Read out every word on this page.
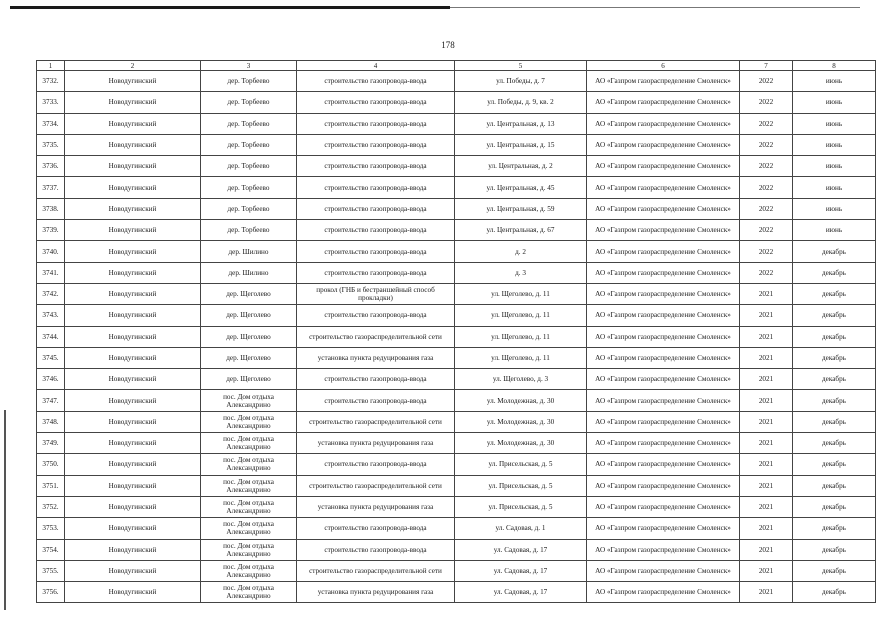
178
1	2	3	4	5	6	7	8
3732.	Новодугинский	дер. Торбеево	строительство газопровода-ввода	ул. Победы, д. 7	АО «Газпром газораспределение Смоленск»	2022	июнь
3733.	Новодугинский	дер. Торбеево	строительство газопровода-ввода	ул. Победы, д. 9, кв. 2	АО «Газпром газораспределение Смоленск»	2022	июнь
3734.	Новодугинский	дер. Торбеево	строительство газопровода-ввода	ул. Центральная, д. 13	АО «Газпром газораспределение Смоленск»	2022	июнь
3735.	Новодугинский	дер. Торбеево	строительство газопровода-ввода	ул. Центральная, д. 15	АО «Газпром газораспределение Смоленск»	2022	июнь
3736.	Новодугинский	дер. Торбеево	строительство газопровода-ввода	ул. Центральная, д. 2	АО «Газпром газораспределение Смоленск»	2022	июнь
3737.	Новодугинский	дер. Торбеево	строительство газопровода-ввода	ул. Центральная, д. 45	АО «Газпром газораспределение Смоленск»	2022	июнь
3738.	Новодугинский	дер. Торбеево	строительство газопровода-ввода	ул. Центральная, д. 59	АО «Газпром газораспределение Смоленск»	2022	июнь
3739.	Новодугинский	дер. Торбеево	строительство газопровода-ввода	ул. Центральная, д. 67	АО «Газпром газораспределение Смоленск»	2022	июнь
3740.	Новодугинский	дер. Шилино	строительство газопровода-ввода	д. 2	АО «Газпром газораспределение Смоленск»	2022	декабрь
3741.	Новодугинский	дер. Шилино	строительство газопровода-ввода	д. 3	АО «Газпром газораспределение Смоленск»	2022	декабрь
3742.	Новодугинский	дер. Щеголево	прокол (ГНБ и бестраншейный способ прокладки)	ул. Щеголево, д. 11	АО «Газпром газораспределение Смоленск»	2021	декабрь
3743.	Новодугинский	дер. Щеголево	строительство газопровода-ввода	ул. Щеголево, д. 11	АО «Газпром газораспределение Смоленск»	2021	декабрь
3744.	Новодугинский	дер. Щеголево	строительство газораспределительной сети	ул. Щеголево, д. 11	АО «Газпром газораспределение Смоленск»	2021	декабрь
3745.	Новодугинский	дер. Щеголево	установка пункта редуцирования газа	ул. Щеголево, д. 11	АО «Газпром газораспределение Смоленск»	2021	декабрь
3746.	Новодугинский	дер. Щеголево	строительство газопровода-ввода	ул. Щеголево, д. 3	АО «Газпром газораспределение Смоленск»	2021	декабрь
3747.	Новодугинский	пос. Дом отдыха Александрино	строительство газопровода-ввода	ул. Молодежная, д. 30	АО «Газпром газораспределение Смоленск»	2021	декабрь
3748.	Новодугинский	пос. Дом отдыха Александрино	строительство газораспределительной сети	ул. Молодежная, д. 30	АО «Газпром газораспределение Смоленск»	2021	декабрь
3749.	Новодугинский	пос. Дом отдыха Александрино	установка пункта редуцирования газа	ул. Молодежная, д. 30	АО «Газпром газораспределение Смоленск»	2021	декабрь
3750.	Новодугинский	пос. Дом отдыха Александрино	строительство газопровода-ввода	ул. Присельская, д. 5	АО «Газпром газораспределение Смоленск»	2021	декабрь
3751.	Новодугинский	пос. Дом отдыха Александрино	строительство газораспределительной сети	ул. Присельская, д. 5	АО «Газпром газораспределение Смоленск»	2021	декабрь
3752.	Новодугинский	пос. Дом отдыха Александрино	установка пункта редуцирования газа	ул. Присельская, д. 5	АО «Газпром газораспределение Смоленск»	2021	декабрь
3753.	Новодугинский	пос. Дом отдыха Александрино	строительство газопровода-ввода	ул. Садовая, д. 1	АО «Газпром газораспределение Смоленск»	2021	декабрь
3754.	Новодугинский	пос. Дом отдыха Александрино	строительство газопровода-ввода	ул. Садовая, д. 17	АО «Газпром газораспределение Смоленск»	2021	декабрь
3755.	Новодугинский	пос. Дом отдыха Александрино	строительство газораспределительной сети	ул. Садовая, д. 17	АО «Газпром газораспределение Смоленск»	2021	декабрь
3756.	Новодугинский	пос. Дом отдыха Александрино	установка пункта редуцирования газа	ул. Садовая, д. 17	АО «Газпром газораспределение Смоленск»	2021	декабрь
